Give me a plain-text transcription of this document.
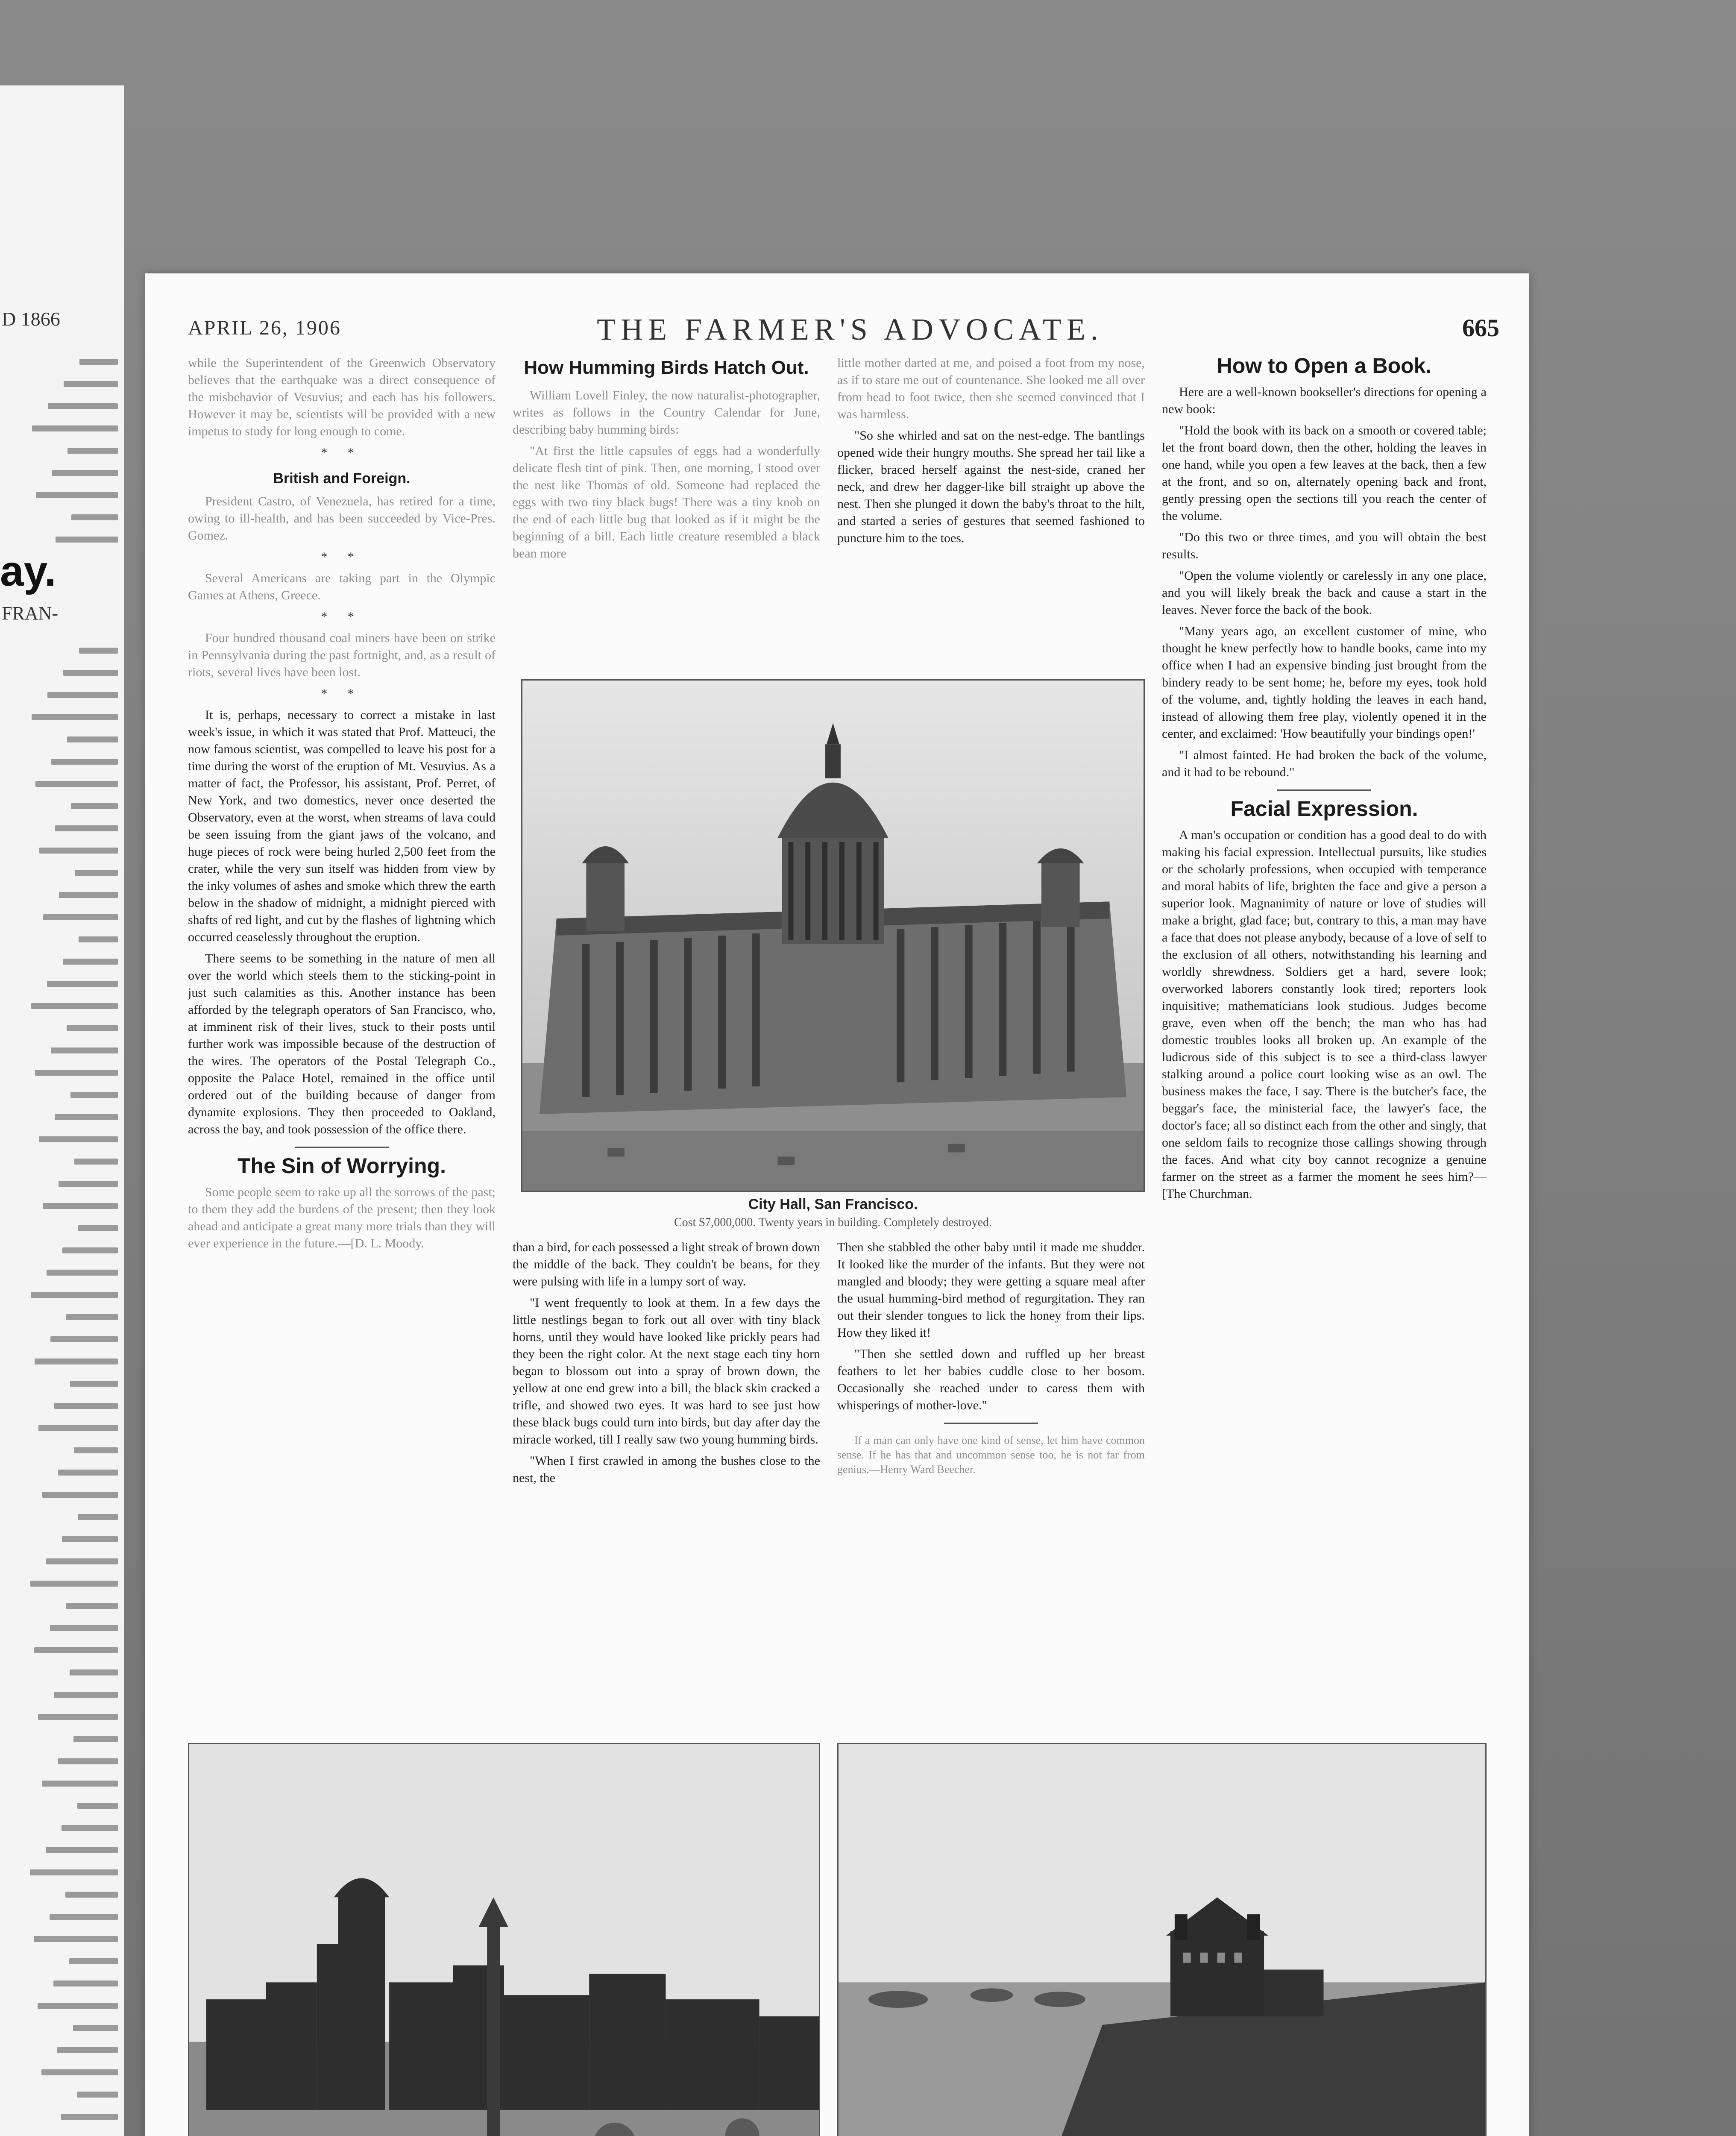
D 1866
ay.
FRAN-
APRIL 26, 1906	THE FARMER'S ADVOCATE.	665

while the Superintendent of the Greenwich Observatory believes that the earthquake was a direct consequence of the misbehavior of Vesuvius; and each has his followers. However it may be, scientists will be provided with a new impetus to study for long enough to come.

* *
British and Foreign.

President Castro, of Venezuela, has retired for a time, owing to ill-health, and has been succeeded by Vice-Pres. Gomez.

* *

Several Americans are taking part in the Olympic Games at Athens, Greece.

* *

Four hundred thousand coal miners have been on strike in Pennsylvania during the past fortnight, and, as a result of riots, several lives have been lost.

* *

It is, perhaps, necessary to correct a mistake in last week's issue, in which it was stated that Prof. Matteuci, the now famous scientist, was compelled to leave his post for a time during the worst of the eruption of Mt. Vesuvius. As a matter of fact, the Professor, his assistant, Prof. Perret, of New York, and two domestics, never once deserted the Observatory, even at the worst, when streams of lava could be seen issuing from the giant jaws of the volcano, and huge pieces of rock were being hurled 2,500 feet from the crater, while the very sun itself was hidden from view by the inky volumes of ashes and smoke which threw the earth below in the shadow of midnight, a midnight pierced with shafts of red light, and cut by the flashes of lightning which occurred ceaselessly throughout the eruption.

There seems to be something in the nature of men all over the world which steels them to the sticking-point in just such calamities as this. Another instance has been afforded by the telegraph operators of San Francisco, who, at imminent risk of their lives, stuck to their posts until further work was impossible because of the destruction of the wires. The operators of the Postal Telegraph Co., opposite the Palace Hotel, remained in the office until ordered out of the building because of danger from dynamite explosions. They then proceeded to Oakland, across the bay, and took possession of the office there.

The Sin of Worrying.

Some people seem to rake up all the sorrows of the past; to them they add the burdens of the present; then they look ahead and anticipate a great many more trials than they will ever experience in the future.—[D. L. Moody.

How Humming Birds Hatch Out.

William Lovell Finley, the now naturalist-photographer, writes as follows in the Country Calendar for June, describing baby humming birds:

"At first the little capsules of eggs had a wonderfully delicate flesh tint of pink. Then, one morning, I stood over the nest like Thomas of old. Someone had replaced the eggs with two tiny black bugs! There was a tiny knob on the end of each little bug that looked as if it might be the beginning of a bill. Each little creature resembled a black bean more

little mother darted at me, and poised a foot from my nose, as if to stare me out of countenance. She looked me all over from head to foot twice, then she seemed convinced that I was harmless.

"So she whirled and sat on the nest-edge. The bantlings opened wide their hungry mouths. She spread her tail like a flicker, braced herself against the nest-side, craned her neck, and drew her dagger-like bill straight up above the nest. Then she plunged it down the baby's throat to the hilt, and started a series of gestures that seemed fashioned to puncture him to the toes.

City Hall, San Francisco.
Cost $7,000,000. Twenty years in building. Completely destroyed.

than a bird, for each possessed a light streak of brown down the middle of the back. They couldn't be beans, for they were pulsing with life in a lumpy sort of way.

"I went frequently to look at them. In a few days the little nestlings began to fork out all over with tiny black horns, until they would have looked like prickly pears had they been the right color. At the next stage each tiny horn began to blossom out into a spray of brown down, the yellow at one end grew into a bill, the black skin cracked a trifle, and showed two eyes. It was hard to see just how these black bugs could turn into birds, but day after day the miracle worked, till I really saw two young humming birds.

"When I first crawled in among the bushes close to the nest, the

Then she stabbled the other baby until it made me shudder. It looked like the murder of the infants. But they were not mangled and bloody; they were getting a square meal after the usual humming-bird method of regurgitation. They ran out their slender tongues to lick the honey from their lips. How they liked it!

"Then she settled down and ruffled up her breast feathers to let her babies cuddle close to her bosom. Occasionally she reached under to caress them with whisperings of mother-love."

If a man can only have one kind of sense, let him have common sense. If he has that and uncommon sense too, he is not far from genius.—Henry Ward Beecher.

How to Open a Book.

Here are a well-known bookseller's directions for opening a new book:

"Hold the book with its back on a smooth or covered table; let the front board down, then the other, holding the leaves in one hand, while you open a few leaves at the back, then a few at the front, and so on, alternately opening back and front, gently pressing open the sections till you reach the center of the volume.

"Do this two or three times, and you will obtain the best results.

"Open the volume violently or carelessly in any one place, and you will likely break the back and cause a start in the leaves. Never force the back of the book.

"Many years ago, an excellent customer of mine, who thought he knew perfectly how to handle books, came into my office when I had an expensive binding just brought from the bindery ready to be sent home; he, before my eyes, took hold of the volume, and, tightly holding the leaves in each hand, instead of allowing them free play, violently opened it in the center, and exclaimed: 'How beautifully your bindings open!'

"I almost fainted. He had broken the back of the volume, and it had to be rebound."

Facial Expression.

A man's occupation or condition has a good deal to do with making his facial expression. Intellectual pursuits, like studies or the scholarly professions, when occupied with temperance and moral habits of life, brighten the face and give a person a superior look. Magnanimity of nature or love of studies will make a bright, glad face; but, contrary to this, a man may have a face that does not please anybody, because of a love of self to the exclusion of all others, notwithstanding his learning and worldly shrewdness. Soldiers get a hard, severe look; overworked laborers constantly look tired; reporters look inquisitive; mathematicians look studious. Judges become grave, even when off the bench; the man who has had domestic troubles looks all broken up. An example of the ludicrous side of this subject is to see a third-class lawyer stalking around a police court looking wise as an owl. The business makes the face, I say. There is the butcher's face, the beggar's face, the ministerial face, the lawyer's face, the doctor's face; all so distinct each from the other and singly, that one seldom fails to recognize those callings showing through the faces. And what city boy cannot recognize a genuine farmer on the street as a farmer the moment he sees him?—[The Churchman.
